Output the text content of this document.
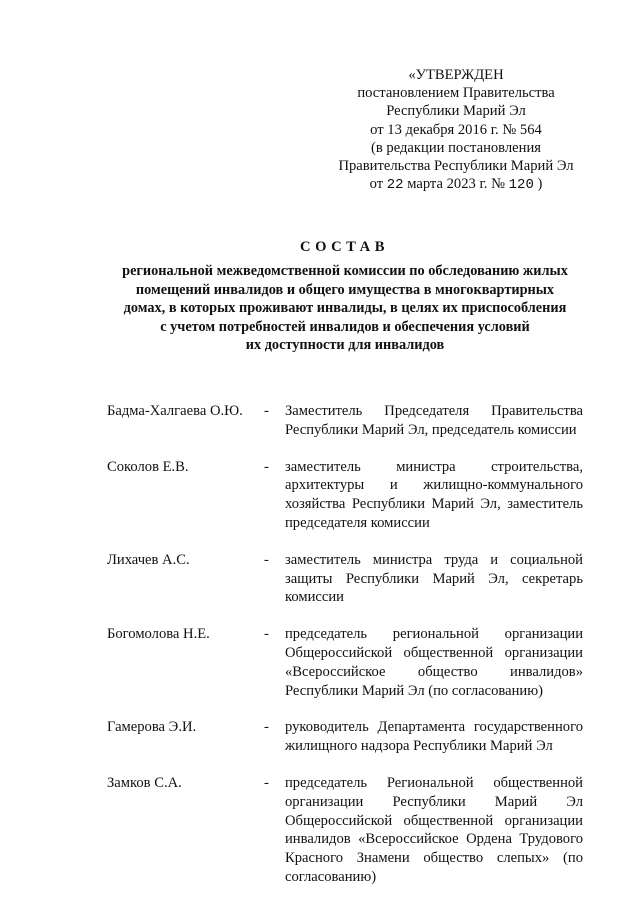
«УТВЕРЖДЕН
постановлением Правительства
Республики Марий Эл
от 13 декабря 2016 г. № 564
(в редакции постановления
Правительства Республики Марий Эл
от 22 марта 2023 г. № 120 )
СОСТАВ
региональной межведомственной комиссии по обследованию жилых
помещений инвалидов и общего имущества в многоквартирных
домах, в которых проживают инвалиды, в целях их приспособления
с учетом потребностей инвалидов и обеспечения условий
их доступности для инвалидов
Бадма-Халгаева О.Ю. - Заместитель Председателя Правительства Республики Марий Эл, председатель комиссии
Соколов Е.В.	- заместитель министра строительства, архитектуры и жилищно-коммунального хозяйства Республики Марий Эл, заместитель председателя комиссии
Лихачев А.С.	- заместитель министра труда и социальной защиты Республики Марий Эл, секретарь комиссии
Богомолова Н.Е.	- председатель региональной организации Общероссийской общественной организации «Всероссийское общество инвалидов» Республики Марий Эл (по согласованию)
Гамерова Э.И.	- руководитель Департамента государственного жилищного надзора Республики Марий Эл
Замков С.А.	- председатель Региональной общественной организации Республики Марий Эл Общероссийской общественной организации инвалидов «Всероссийское Ордена Трудового Красного Знамени общество слепых» (по согласованию)
